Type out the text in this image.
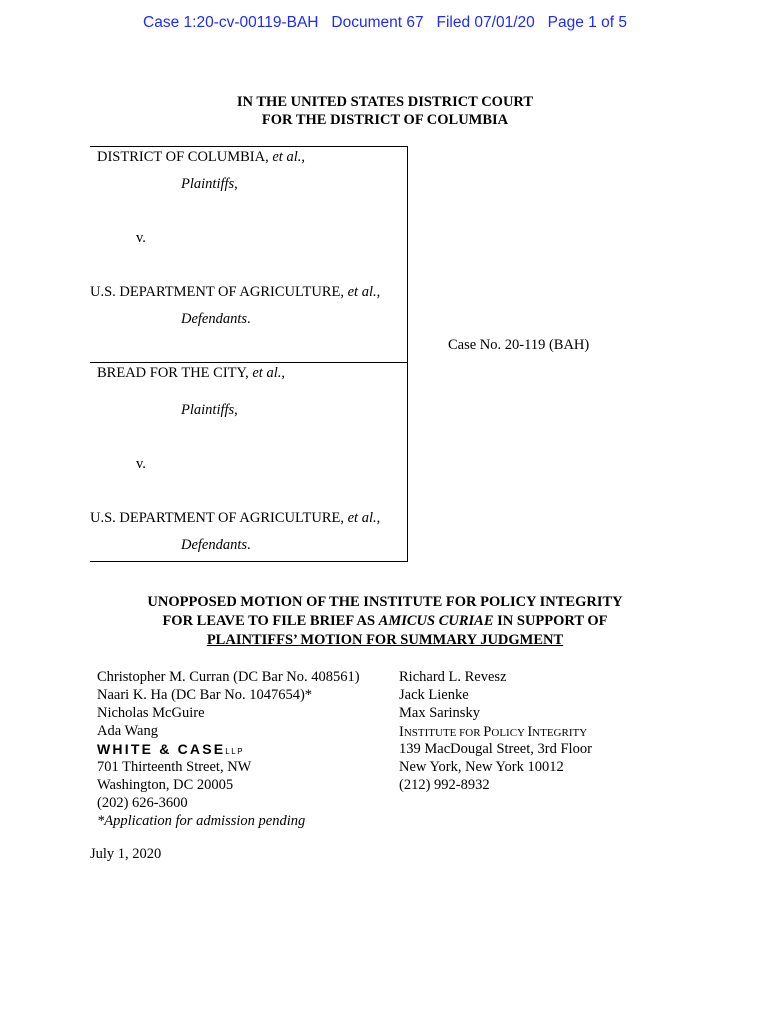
Case 1:20-cv-00119-BAH   Document 67   Filed 07/01/20   Page 1 of 5
IN THE UNITED STATES DISTRICT COURT
FOR THE DISTRICT OF COLUMBIA
DISTRICT OF COLUMBIA, et al.,
Plaintiffs,
v.
U.S. DEPARTMENT OF AGRICULTURE, et al.,
Defendants.
Case No. 20-119 (BAH)
BREAD FOR THE CITY, et al.,
Plaintiffs,
v.
U.S. DEPARTMENT OF AGRICULTURE, et al.,
Defendants.
UNOPPOSED MOTION OF THE INSTITUTE FOR POLICY INTEGRITY
FOR LEAVE TO FILE BRIEF AS AMICUS CURIAE IN SUPPORT OF
PLAINTIFFS’ MOTION FOR SUMMARY JUDGMENT
Christopher M. Curran (DC Bar No. 408561)
Naari K. Ha (DC Bar No. 1047654)*
Nicholas McGuire
Ada Wang
WHITE & CASELLP
701 Thirteenth Street, NW
Washington, DC 20005
(202) 626-3600
*Application for admission pending
Richard L. Revesz
Jack Lienke
Max Sarinsky
INSTITUTE FOR POLICY INTEGRITY
139 MacDougal Street, 3rd Floor
New York, New York 10012
(212) 992-8932
July 1, 2020
